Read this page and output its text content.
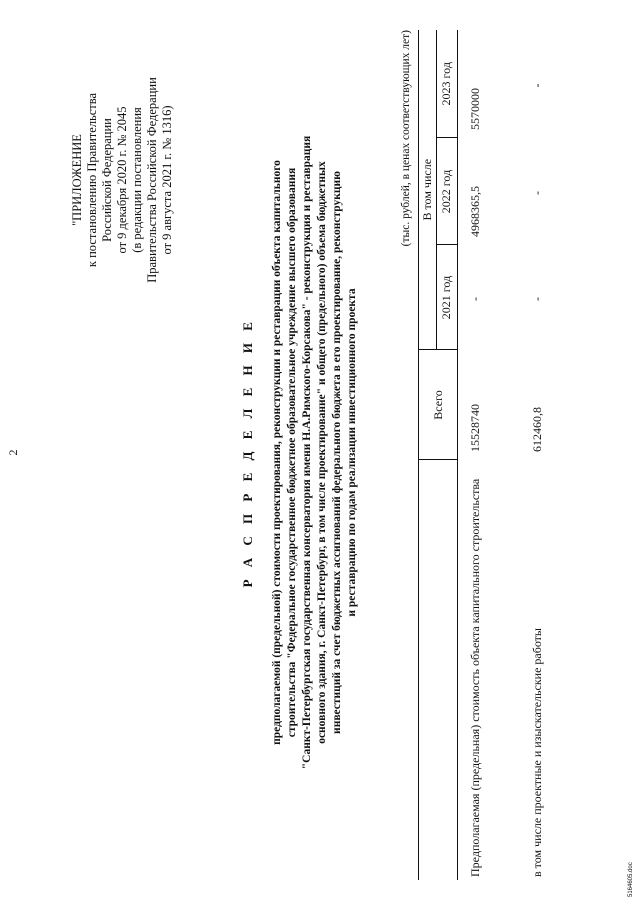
2
"ПРИЛОЖЕНИЕ к постановлению Правительства Российской Федерации от 9 декабря 2020 г. № 2045 (в редакции постановления Правительства Российской Федерации от 9 августа 2021 г. № 1316)
Р А С П Р Е Д Е Л Е Н И Е предполагаемой (предельной) стоимости проектирования, реконструкции и реставрации объекта капитального строительства "Федеральное государственное бюджетное образовательное учреждение высшего образования "Санкт-Петербургская государственная консерватория имени Н.А.Римского-Корсакова" - реконструкция и реставрация основного здания, г. Санкт-Петербург, в том числе проектирование" и общего (предельного) объема бюджетных инвестиций за счет бюджетных ассигнований федерального бюджета в его проектирование, реконструкцию и реставрацию по годам реализации инвестиционного проекта
(тыс. рублей, в ценах соответствующих лет)
	Всего	В том числе		
		2021 год	2022 год	2023 год
Предполагаемая (предельная) стоимость объекта капитального строительства	15528740	-	4968365,5	5570000
в том числе проектные и изыскательские работы	612460,8	-	-	-
5164605.doc
